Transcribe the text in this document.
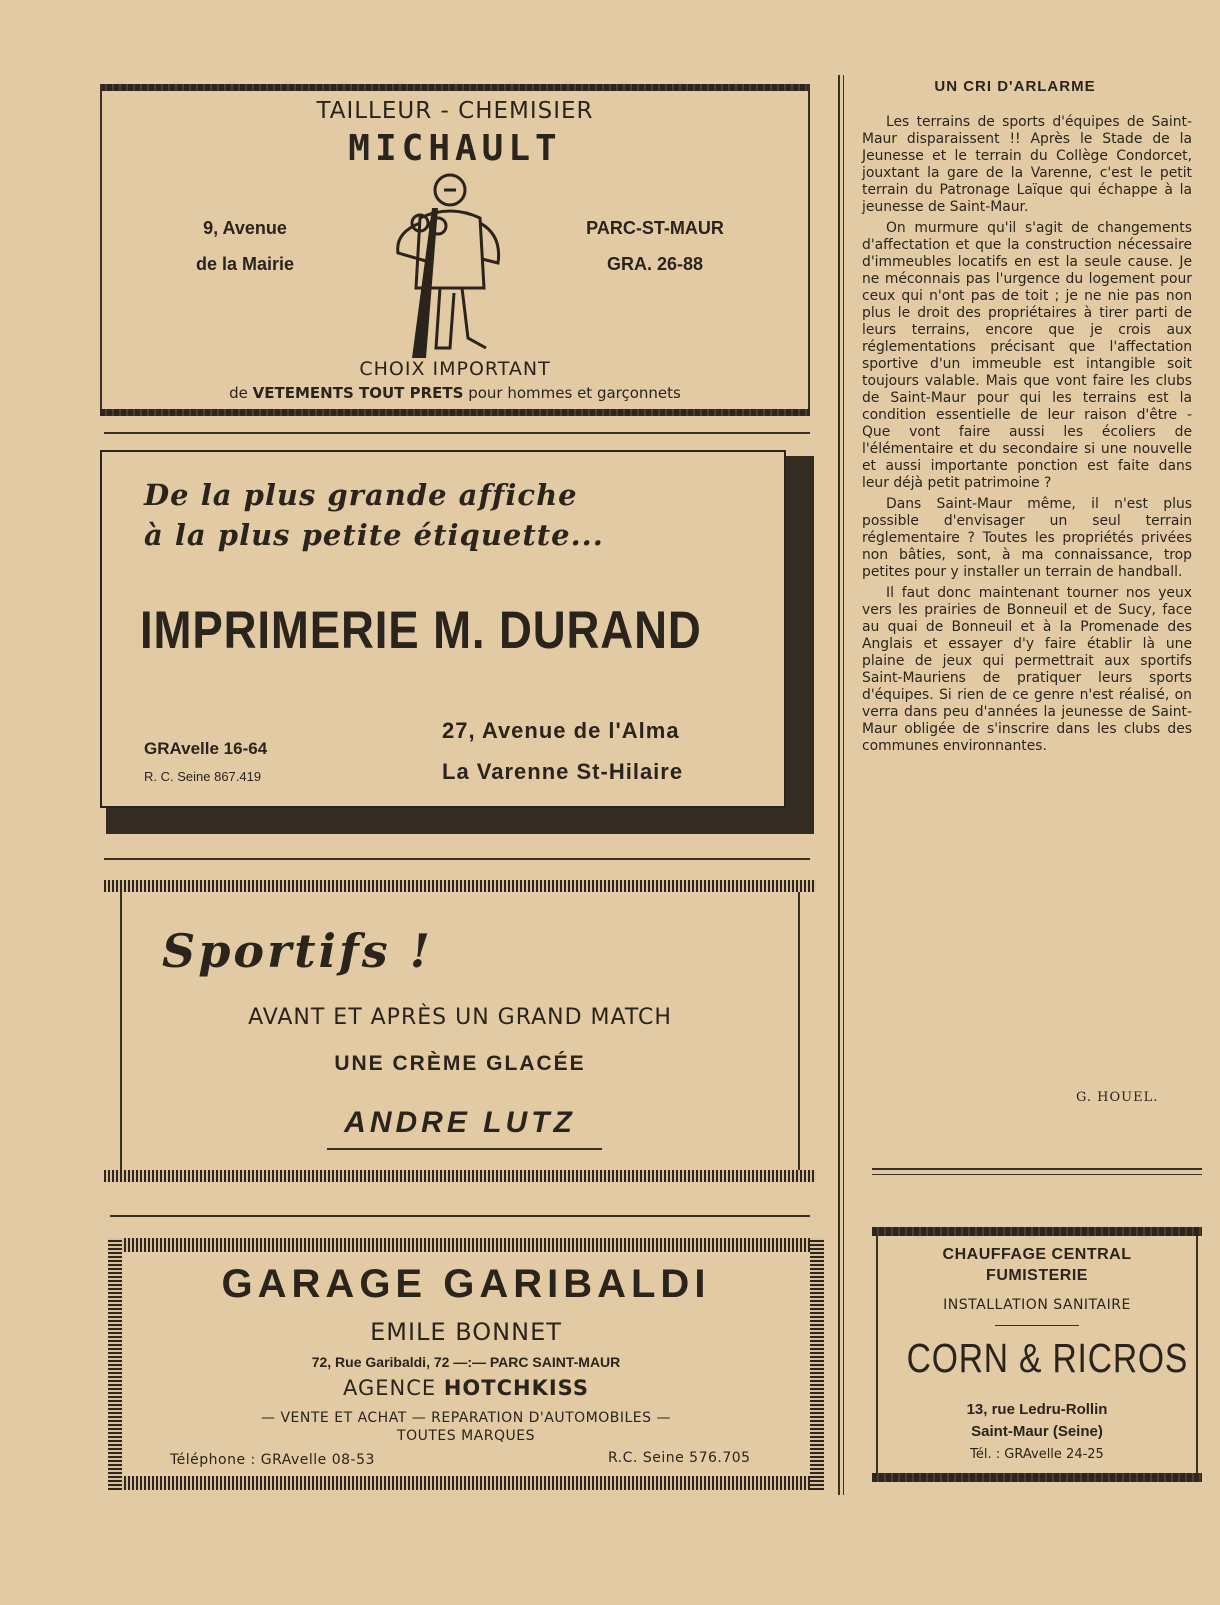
TAILLEUR - CHEMISIER
MICHAULT
9, Avenue
de la Mairie
PARC-ST-MAUR
GRA. 26-88
CHOIX IMPORTANT
de VETEMENTS TOUT PRETS pour hommes et garçonnets
De la plus grande affiche
à la plus petite étiquette...
IMPRIMERIE M. DURAND
GRAvelle 16-64
R. C. Seine 867.419
27, Avenue de l'Alma
La Varenne St-Hilaire
Sportifs !
AVANT ET APRÈS UN GRAND MATCH
UNE CRÈME GLACÉE
ANDRE LUTZ
GARAGE GARIBALDI
EMILE BONNET
72, Rue Garibaldi, 72 —:— PARC SAINT-MAUR
AGENCE HOTCHKISS
— VENTE ET ACHAT — REPARATION D'AUTOMOBILES —
TOUTES MARQUES
Téléphone : GRAvelle 08-53	R.C. Seine 576.705
UN CRI D'ARLARME

Les terrains de sports d'équipes de Saint-Maur disparaissent !! Après le Stade de la Jeunesse et le terrain du Collège Condorcet, jouxtant la gare de la Varenne, c'est le petit terrain du Patronage Laïque qui échappe à la jeunesse de Saint-Maur.

On murmure qu'il s'agit de changements d'affectation et que la construction nécessaire d'immeubles locatifs en est la seule cause. Je ne méconnais pas l'urgence du logement pour ceux qui n'ont pas de toit ; je ne nie pas non plus le droit des propriétaires à tirer parti de leurs terrains, encore que je crois aux réglementations précisant que l'affectation sportive d'un immeuble est intangible soit toujours valable. Mais que vont faire les clubs de Saint-Maur pour qui les terrains est la condition essentielle de leur raison d'être - Que vont faire aussi les écoliers de l'élémentaire et du secondaire si une nouvelle et aussi importante ponction est faite dans leur déjà petit patrimoine ?

Dans Saint-Maur même, il n'est plus possible d'envisager un seul terrain réglementaire ? Toutes les propriétés privées non bâties, sont, à ma connaissance, trop petites pour y installer un terrain de handball.

Il faut donc maintenant tourner nos yeux vers les prairies de Bonneuil et de Sucy, face au quai de Bonneuil et à la Promenade des Anglais et essayer d'y faire établir là une plaine de jeux qui permettrait aux sportifs Saint-Mauriens de pratiquer leurs sports d'équipes. Si rien de ce genre n'est réalisé, on verra dans peu d'années la jeunesse de Saint-Maur obligée de s'inscrire dans les clubs des communes environnantes.

G. HOUEL.
CHAUFFAGE CENTRAL
FUMISTERIE
INSTALLATION SANITAIRE
CORN & RICROS
13, rue Ledru-Rollin
Saint-Maur (Seine)
Tél. : GRAvelle 24-25
